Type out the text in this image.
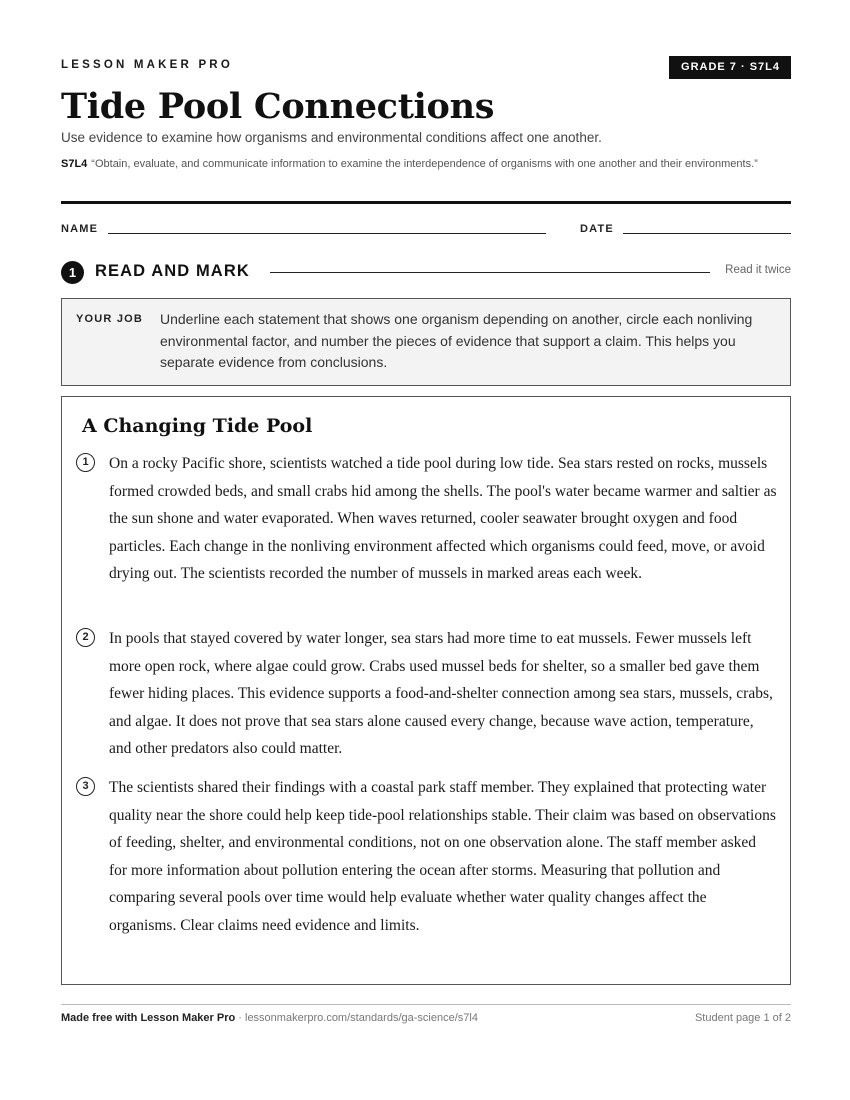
LESSON MAKER PRO	GRADE 7 · S7L4
Tide Pool Connections
Use evidence to examine how organisms and environmental conditions affect one another.
S7L4 “Obtain, evaluate, and communicate information to examine the interdependence of organisms with one another and their environments.”
NAME	DATE
1	READ AND MARK	Read it twice
YOUR JOB Underline each statement that shows one organism depending on another, circle each nonliving environmental factor, and number the pieces of evidence that support a claim. This helps you separate evidence from conclusions.
A Changing Tide Pool
1	On a rocky Pacific shore, scientists watched a tide pool during low tide. Sea stars rested on rocks, mussels formed crowded beds, and small crabs hid among the shells. The pool's water became warmer and saltier as the sun shone and water evaporated. When waves returned, cooler seawater brought oxygen and food particles. Each change in the nonliving environment affected which organisms could feed, move, or avoid drying out. The scientists recorded the number of mussels in marked areas each week.

2	In pools that stayed covered by water longer, sea stars had more time to eat mussels. Fewer mussels left more open rock, where algae could grow. Crabs used mussel beds for shelter, so a smaller bed gave them fewer hiding places. This evidence supports a food-and-shelter connection among sea stars, mussels, crabs, and algae. It does not prove that sea stars alone caused every change, because wave action, temperature, and other predators also could matter.

3	The scientists shared their findings with a coastal park staff member. They explained that protecting water quality near the shore could help keep tide-pool relationships stable. Their claim was based on observations of feeding, shelter, and environmental conditions, not on one observation alone. The staff member asked for more information about pollution entering the ocean after storms. Measuring that pollution and comparing several pools over time would help evaluate whether water quality changes affect the organisms. Clear claims need evidence and limits.

Made free with Lesson Maker Pro · lessonmakerpro.com/standards/ga-science/s7l4	Student page 1 of 2
